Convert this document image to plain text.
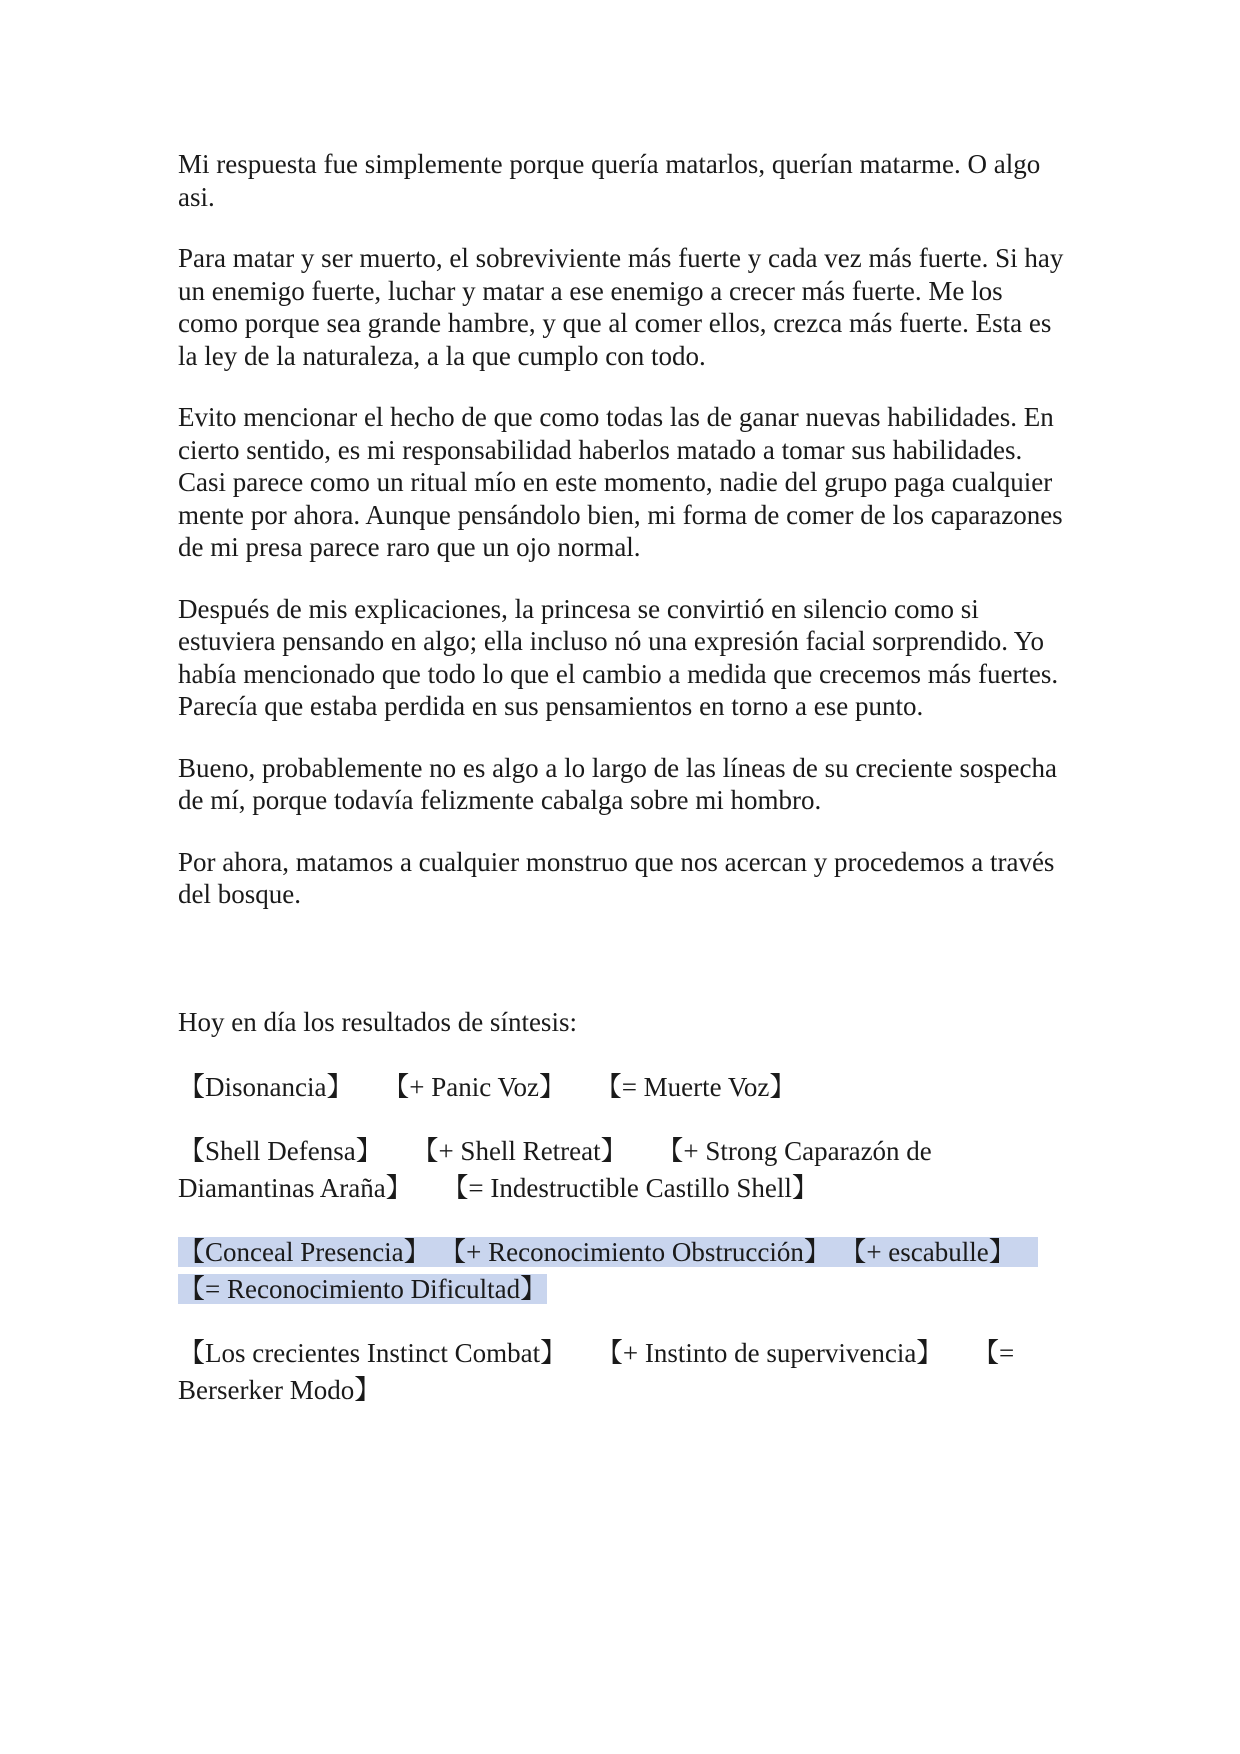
Mi respuesta fue simplemente porque quería matarlos, querían matarme. O algo asi.

Para matar y ser muerto, el sobreviviente más fuerte y cada vez más fuerte. Si hay un enemigo fuerte, luchar y matar a ese enemigo a crecer más fuerte. Me los como porque sea grande hambre, y que al comer ellos, crezca más fuerte. Esta es la ley de la naturaleza, a la que cumplo con todo.

Evito mencionar el hecho de que como todas las de ganar nuevas habilidades. En cierto sentido, es mi responsabilidad haberlos matado a tomar sus habilidades. Casi parece como un ritual mío en este momento, nadie del grupo paga cualquier mente por ahora. Aunque pensándolo bien, mi forma de comer de los caparazones de mi presa parece raro que un ojo normal.

Después de mis explicaciones, la princesa se convirtió en silencio como si estuviera pensando en algo; ella incluso nó una expresión facial sorprendido. Yo había mencionado que todo lo que el cambio a medida que crecemos más fuertes. Parecía que estaba perdida en sus pensamientos en torno a ese punto.

Bueno, probablemente no es algo a lo largo de las líneas de su creciente sospecha de mí, porque todavía felizmente cabalga sobre mi hombro.

Por ahora, matamos a cualquier monstruo que nos acercan y procedemos a través del bosque.

Hoy en día los resultados de síntesis:

【Disonancia】 【+ Panic Voz】 【= Muerte Voz】

【Shell Defensa】 【+ Shell Retreat】 【+ Strong Caparazón de Diamantinas Araña】 【= Indestructible Castillo Shell】

【Conceal Presencia】 【+ Reconocimiento Obstrucción】 【+ escabulle】【= Reconocimiento Dificultad】

【Los crecientes Instinct Combat】 【+ Instinto de supervivencia】 【= Berserker Modo】
